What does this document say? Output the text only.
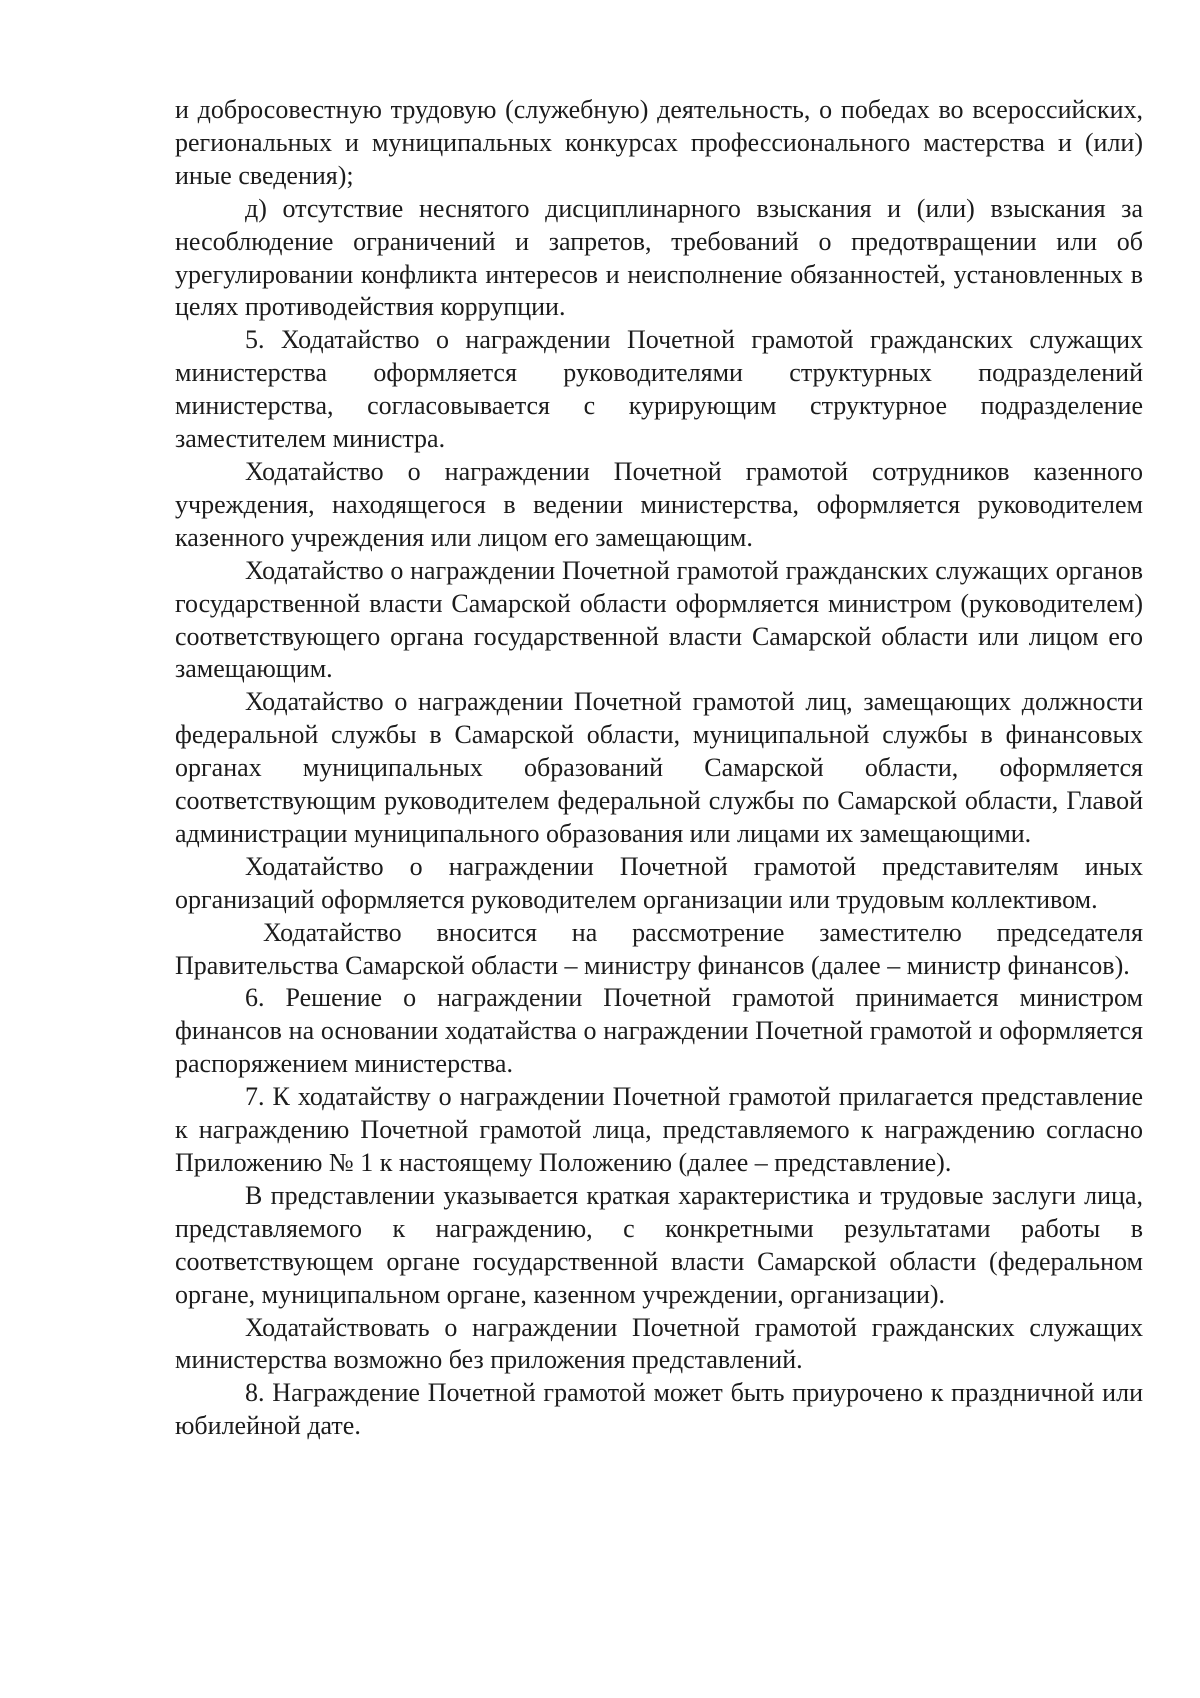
и добросовестную трудовую (служебную) деятельность, о победах во всероссийских, региональных и муниципальных конкурсах профессионального мастерства и (или) иные сведения);

д) отсутствие неснятого дисциплинарного взыскания и (или) взыскания за несоблюдение ограничений и запретов, требований о предотвращении или об урегулировании конфликта интересов и неисполнение обязанностей, установленных в целях противодействия коррупции.

5. Ходатайство о награждении Почетной грамотой гражданских служащих министерства оформляется руководителями структурных подразделений министерства, согласовывается с курирующим структурное подразделение заместителем министра.

Ходатайство о награждении Почетной грамотой сотрудников казенного учреждения, находящегося в ведении министерства, оформляется руководителем казенного учреждения или лицом его замещающим.

Ходатайство о награждении Почетной грамотой гражданских служащих органов государственной власти Самарской области оформляется министром (руководителем) соответствующего органа государственной власти Самарской области или лицом его замещающим.

Ходатайство о награждении Почетной грамотой лиц, замещающих должности федеральной службы в Самарской области, муниципальной службы в финансовых органах муниципальных образований Самарской области, оформляется соответствующим руководителем федеральной службы по Самарской области, Главой администрации муниципального образования или лицами их замещающими.

Ходатайство о награждении Почетной грамотой представителям иных организаций оформляется руководителем организации или трудовым коллективом.

Ходатайство вносится на рассмотрение заместителю председателя Правительства Самарской области – министру финансов (далее – министр финансов).

6. Решение о награждении Почетной грамотой принимается министром финансов на основании ходатайства о награждении Почетной грамотой и оформляется распоряжением министерства.

7. К ходатайству о награждении Почетной грамотой прилагается представление к награждению Почетной грамотой лица, представляемого к награждению согласно Приложению № 1 к настоящему Положению (далее – представление).

В представлении указывается краткая характеристика и трудовые заслуги лица, представляемого к награждению, с конкретными результатами работы в соответствующем органе государственной власти Самарской области (федеральном органе, муниципальном органе, казенном учреждении, организации).

Ходатайствовать о награждении Почетной грамотой гражданских служащих министерства возможно без приложения представлений.

8. Награждение Почетной грамотой может быть приурочено к праздничной или юбилейной дате.
